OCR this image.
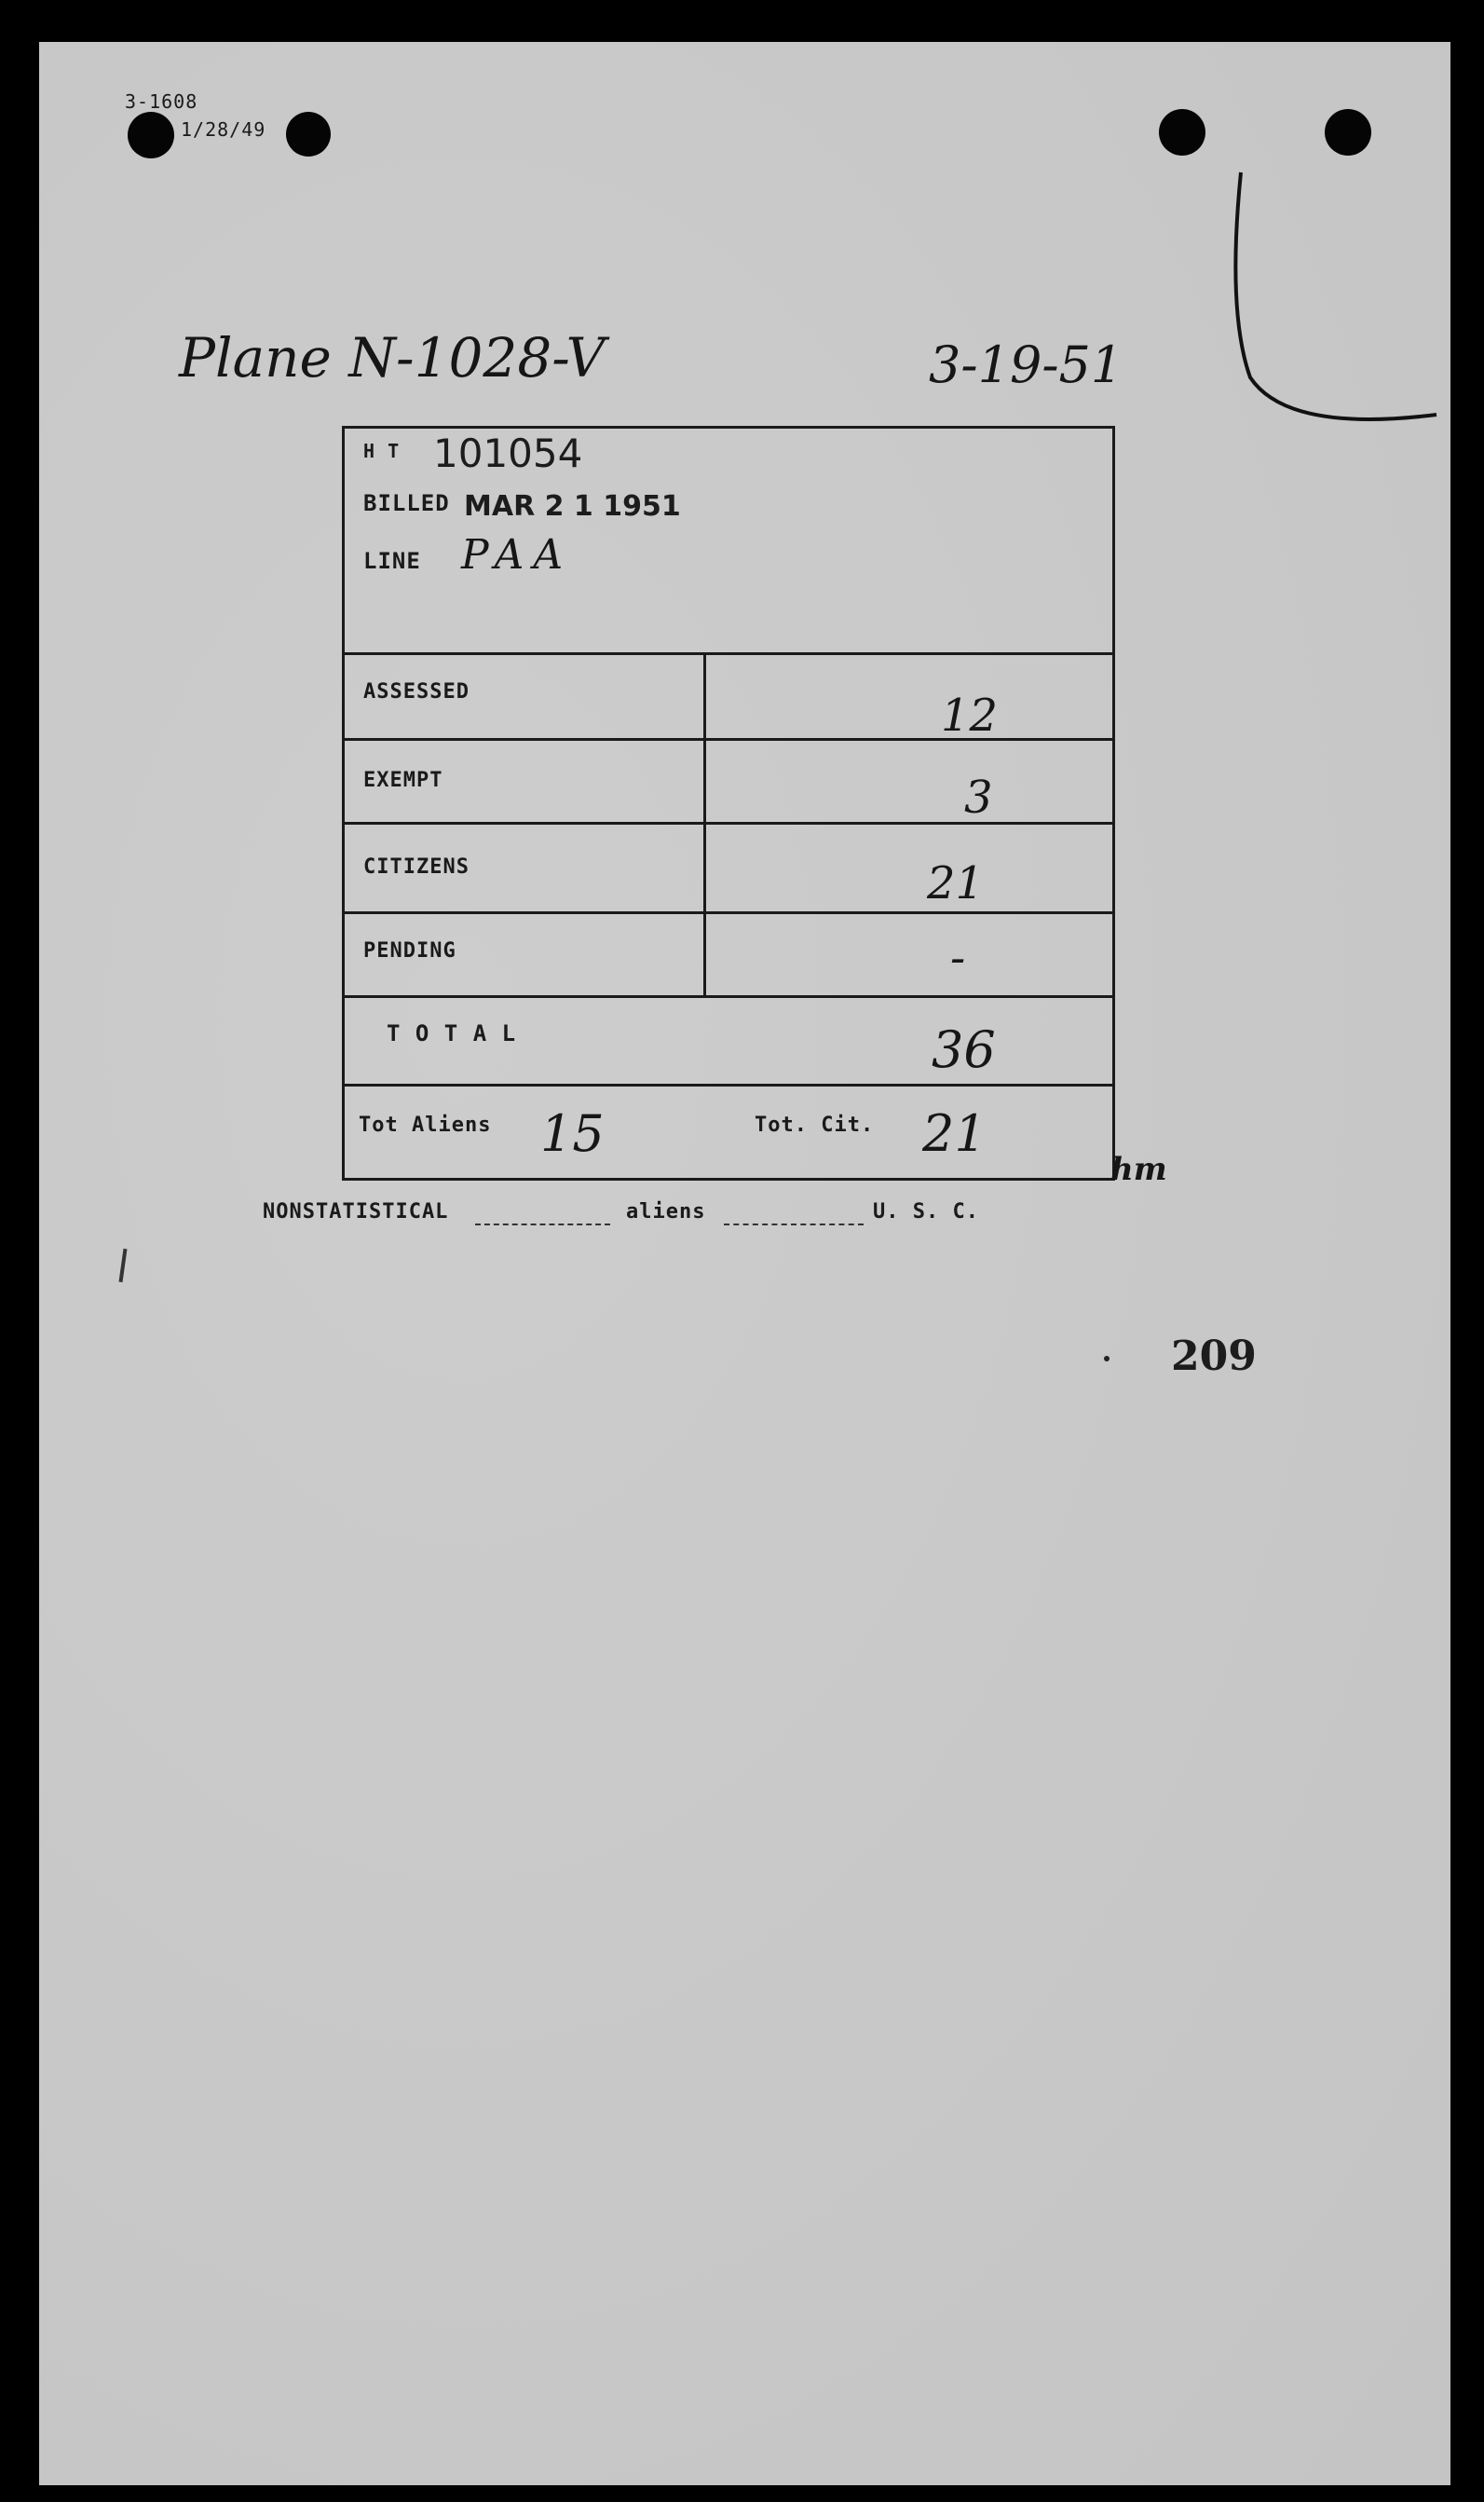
3-1608
1/28/49
Plane N-1028-V	3-19-51
H T 101054
BILLED MAR 2 1 1951
LINE PAA
ASSESSED	12
EXEMPT	3
CITIZENS	21
PENDING	-
T O T A L	36
Tot Aliens 15	Tot. Cit. 21
hm
NONSTATISTICAL	aliens	U. S. C.
209
